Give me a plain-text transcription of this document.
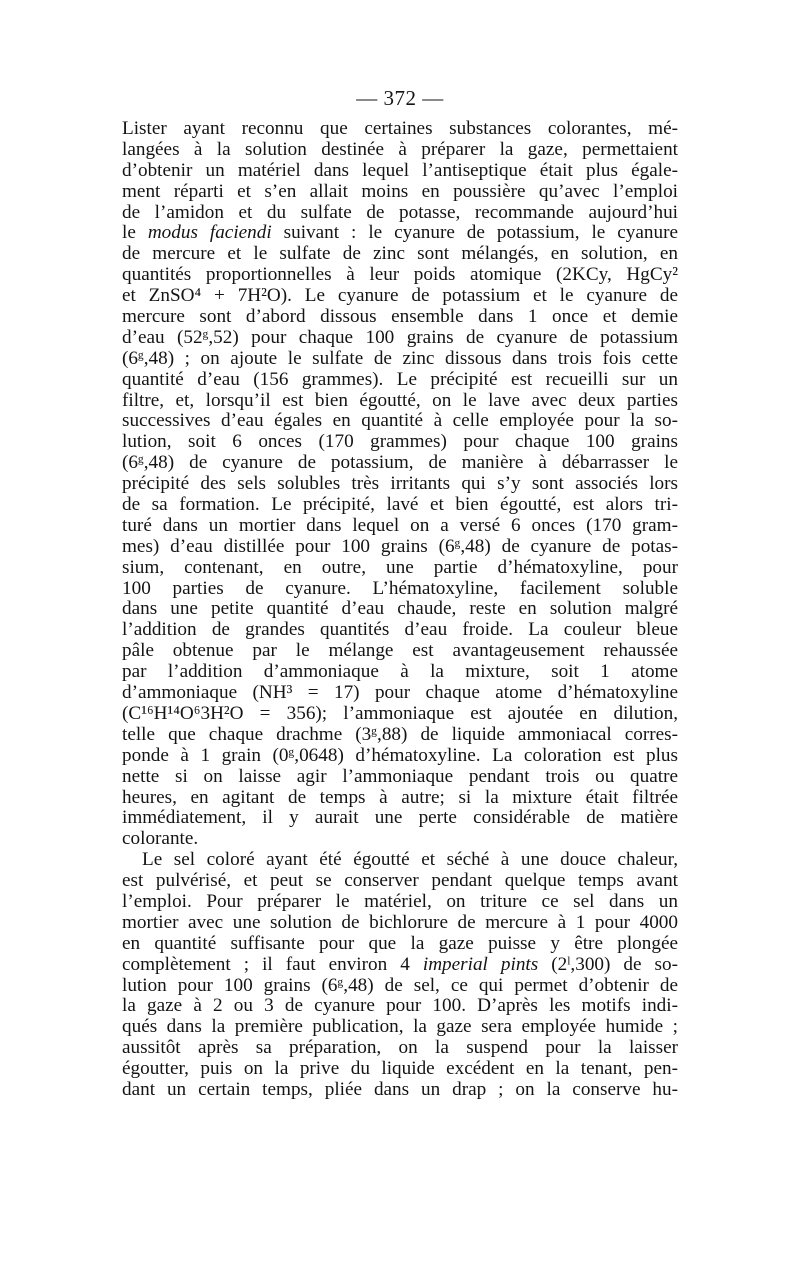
— 372 —
Lister ayant reconnu que certaines substances colorantes, mé-
langées à la solution destinée à préparer la gaze, permettaient
d’obtenir un matériel dans lequel l’antiseptique était plus égale-
ment réparti et s’en allait moins en poussière qu’avec l’emploi
de l’amidon et du sulfate de potasse, recommande aujourd’hui
le modus faciendi suivant : le cyanure de potassium, le cyanure
de mercure et le sulfate de zinc sont mélangés, en solution, en
quantités proportionnelles à leur poids atomique (2KCy, HgCy²
et ZnSO⁴ + 7H²O). Le cyanure de potassium et le cyanure de
mercure sont d’abord dissous ensemble dans 1 once et demie
d’eau (52ᵍ,52) pour chaque 100 grains de cyanure de potassium
(6ᵍ,48) ; on ajoute le sulfate de zinc dissous dans trois fois cette
quantité d’eau (156 grammes). Le précipité est recueilli sur un
filtre, et, lorsqu’il est bien égoutté, on le lave avec deux parties
successives d’eau égales en quantité à celle employée pour la so-
lution, soit 6 onces (170 grammes) pour chaque 100 grains
(6ᵍ,48) de cyanure de potassium, de manière à débarrasser le
précipité des sels solubles très irritants qui s’y sont associés lors
de sa formation. Le précipité, lavé et bien égoutté, est alors tri-
turé dans un mortier dans lequel on a versé 6 onces (170 gram-
mes) d’eau distillée pour 100 grains (6ᵍ,48) de cyanure de potas-
sium, contenant, en outre, une partie d’hématoxyline, pour
100 parties de cyanure. L’hématoxyline, facilement soluble
dans une petite quantité d’eau chaude, reste en solution malgré
l’addition de grandes quantités d’eau froide. La couleur bleue
pâle obtenue par le mélange est avantageusement rehaussée
par l’addition d’ammoniaque à la mixture, soit 1 atome
d’ammoniaque (NH³ = 17) pour chaque atome d’hématoxyline
(C¹⁶H¹⁴O⁶3H²O = 356); l’ammoniaque est ajoutée en dilution,
telle que chaque drachme (3ᵍ,88) de liquide ammoniacal corres-
ponde à 1 grain (0ᵍ,0648) d’hématoxyline. La coloration est plus
nette si on laisse agir l’ammoniaque pendant trois ou quatre
heures, en agitant de temps à autre; si la mixture était filtrée
immédiatement, il y aurait une perte considérable de matière
colorante.
Le sel coloré ayant été égoutté et séché à une douce chaleur,
est pulvérisé, et peut se conserver pendant quelque temps avant
l’emploi. Pour préparer le matériel, on triture ce sel dans un
mortier avec une solution de bichlorure de mercure à 1 pour 4000
en quantité suffisante pour que la gaze puisse y être plongée
complètement ; il faut environ 4 imperial pints (2ˡ,300) de so-
lution pour 100 grains (6ᵍ,48) de sel, ce qui permet d’obtenir de
la gaze à 2 ou 3 de cyanure pour 100. D’après les motifs indi-
qués dans la première publication, la gaze sera employée humide ;
aussitôt après sa préparation, on la suspend pour la laisser
égoutter, puis on la prive du liquide excédent en la tenant, pen-
dant un certain temps, pliée dans un drap ; on la conserve hu-
